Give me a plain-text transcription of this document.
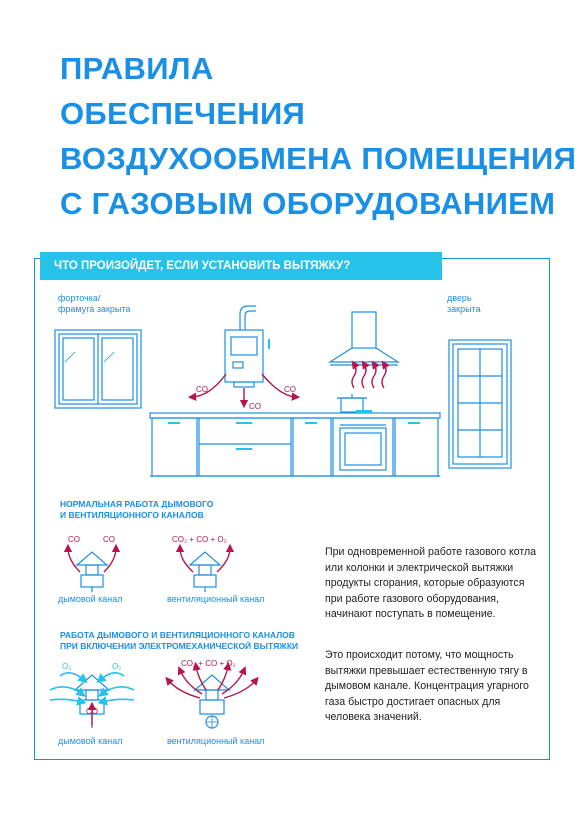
ПРАВИЛА
ОБЕСПЕЧЕНИЯ
ВОЗДУХООБМЕНА ПОМЕЩЕНИЯ
С ГАЗОВЫМ ОБОРУДОВАНИЕМ
ЧТО ПРОИЗОЙДЕТ, ЕСЛИ УСТАНОВИТЬ ВЫТЯЖКУ?
форточка/
фрамуга закрыта
дверь
закрыта
CO
CO
CO
НОРМАЛЬНАЯ РАБОТА ДЫМОВОГО
И ВЕНТИЛЯЦИОННОГО КАНАЛОВ
CO	CO	CO₂ + CO + O₂
дымовой канал	вентиляционный канал
РАБОТА ДЫМОВОГО И ВЕНТИЛЯЦИОННОГО КАНАЛОВ
ПРИ ВКЛЮЧЕНИИ ЭЛЕКТРОМЕХАНИЧЕСКОЙ ВЫТЯЖКИ
O₂	O₂
CO
CO₂ + CO + O₂
дымовой канал	вентиляционный канал
При одновременной работе газового котла или колонки и электрической вытяжки продукты сгорания, которые образуются при работе газового оборудования, начинают поступать в помещение.
Это происходит потому, что мощность вытяжки превышает естественную тягу в дымовом канале. Концентрация угарного газа быстро достигает опасных для человека значений.
